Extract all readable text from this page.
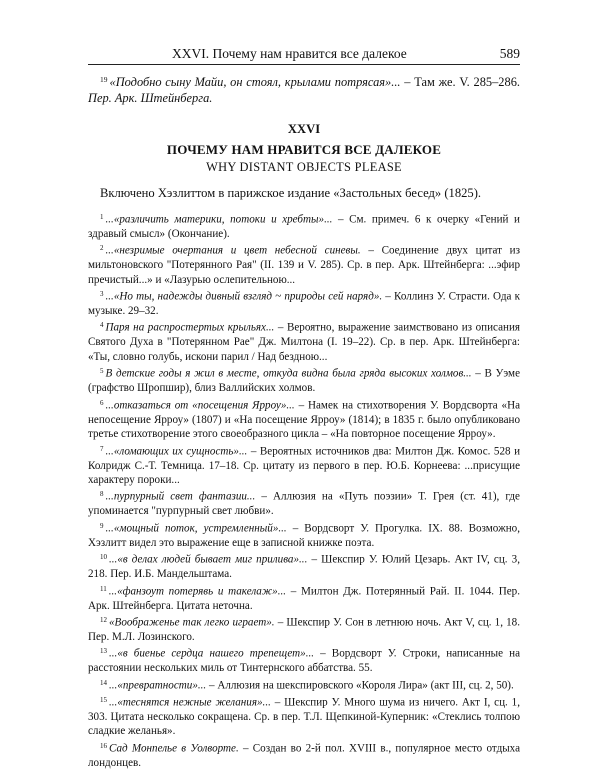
XXVI. Почему нам нравится все далекое	589

$^{19}$ «Подобно сыну Майи, он стоял, крылами потрясая»... – Там же. V. 285–286. Пер. Арк. Штейнберга.

XXVI
ПОЧЕМУ НАМ НРАВИТСЯ ВСЕ ДАЛЕКОЕ
WHY DISTANT OBJECTS PLEASE

Включено Хэзлиттом в парижское издание «Застольных бесед» (1825).

$^1$ ...«различить материки, потоки и хребты»... – См. примеч. 6 к очерку «Гений и здравый смысл» (Окончание).

$^2$ ...«незримые очертания и цвет небесной синевы. – Соединение двух цитат из мильтоновского "Потерянного Рая" (II. 139 и V. 285). Ср. в пер. Арк. Штейнберга: ...эфир пречистый...» и «Лазурью ослепительною...

$^3$ ...«Но ты, надежды дивный взгляд ~ природы сей наряд». – Коллинз У. Страсти. Ода к музыке. 29–32.

$^4$ Паря на распростертых крыльях... – Вероятно, выражение заимствовано из описания Святого Духа в "Потерянном Рае" Дж. Милтона (I. 19–22). Ср. в пер. Арк. Штейнберга: «Ты, словно голубь, искони парил / Над бездною...

$^5$ В детские годы я жил в месте, откуда видна была гряда высоких холмов... – В Уэме (графство Шропшир), близ Валлийских холмов.

$^6$ ...отказаться от «посещения Ярроу»... – Намек на стихотворения У. Вордсворта «На непосещение Ярроу» (1807) и «На посещение Ярроу» (1814); в 1835 г. было опубликовано третье стихотворение этого своеобразного цикла – «На повторное посещение Ярроу».

$^7$ ...«ломающих их сущность»... – Вероятных источников два: Милтон Дж. Комос. 528 и Колридж С.-Т. Темница. 17–18. Ср. цитату из первого в пер. Ю.Б. Корнеева: ...присущие характеру пороки...

$^8$ ...пурпурный свет фантазии... – Аллюзия на «Путь поэзии» Т. Грея (ст. 41), где упоминается "пурпурный свет любви».

$^9$ ...«мощный поток, устремленный»... – Вордсворт У. Прогулка. IX. 88. Возможно, Хэзлитт видел это выражение еще в записной книжке поэта.

$^{10}$ ...«в делах людей бывает миг прилива»... – Шекспир У. Юлий Цезарь. Акт IV, сц. 3, 218. Пер. И.Б. Мандельштама.

$^{11}$ ...«фанзоут потерявь и такелаж»... – Милтон Дж. Потерянный Рай. II. 1044. Пер. Арк. Штейнберга. Цитата неточна.

$^{12}$ «Воображенье так легко играет». – Шекспир У. Сон в летнюю ночь. Акт V, сц. 1, 18. Пер. М.Л. Лозинского.

$^{13}$ ...«в биенье сердца нашего трепещет»... – Вордсворт У. Строки, написанные на расстоянии нескольких миль от Тинтернского аббатства. 55.

$^{14}$ ...«превратности»... – Аллюзия на шекспировского «Короля Лира» (акт III, сц. 2, 50).

$^{15}$ ...«теснятся нежные желания»... – Шекспир У. Много шума из ничего. Акт I, сц. 1, 303. Цитата несколько сокращена. Ср. в пер. Т.Л. Щепкиной-Куперник: «Стеклись толпою сладкие желанья».

$^{16}$ Сад Монпелье в Уолворте. – Создан во 2-й пол. XVIII в., популярное место отдыха лондонцев.
